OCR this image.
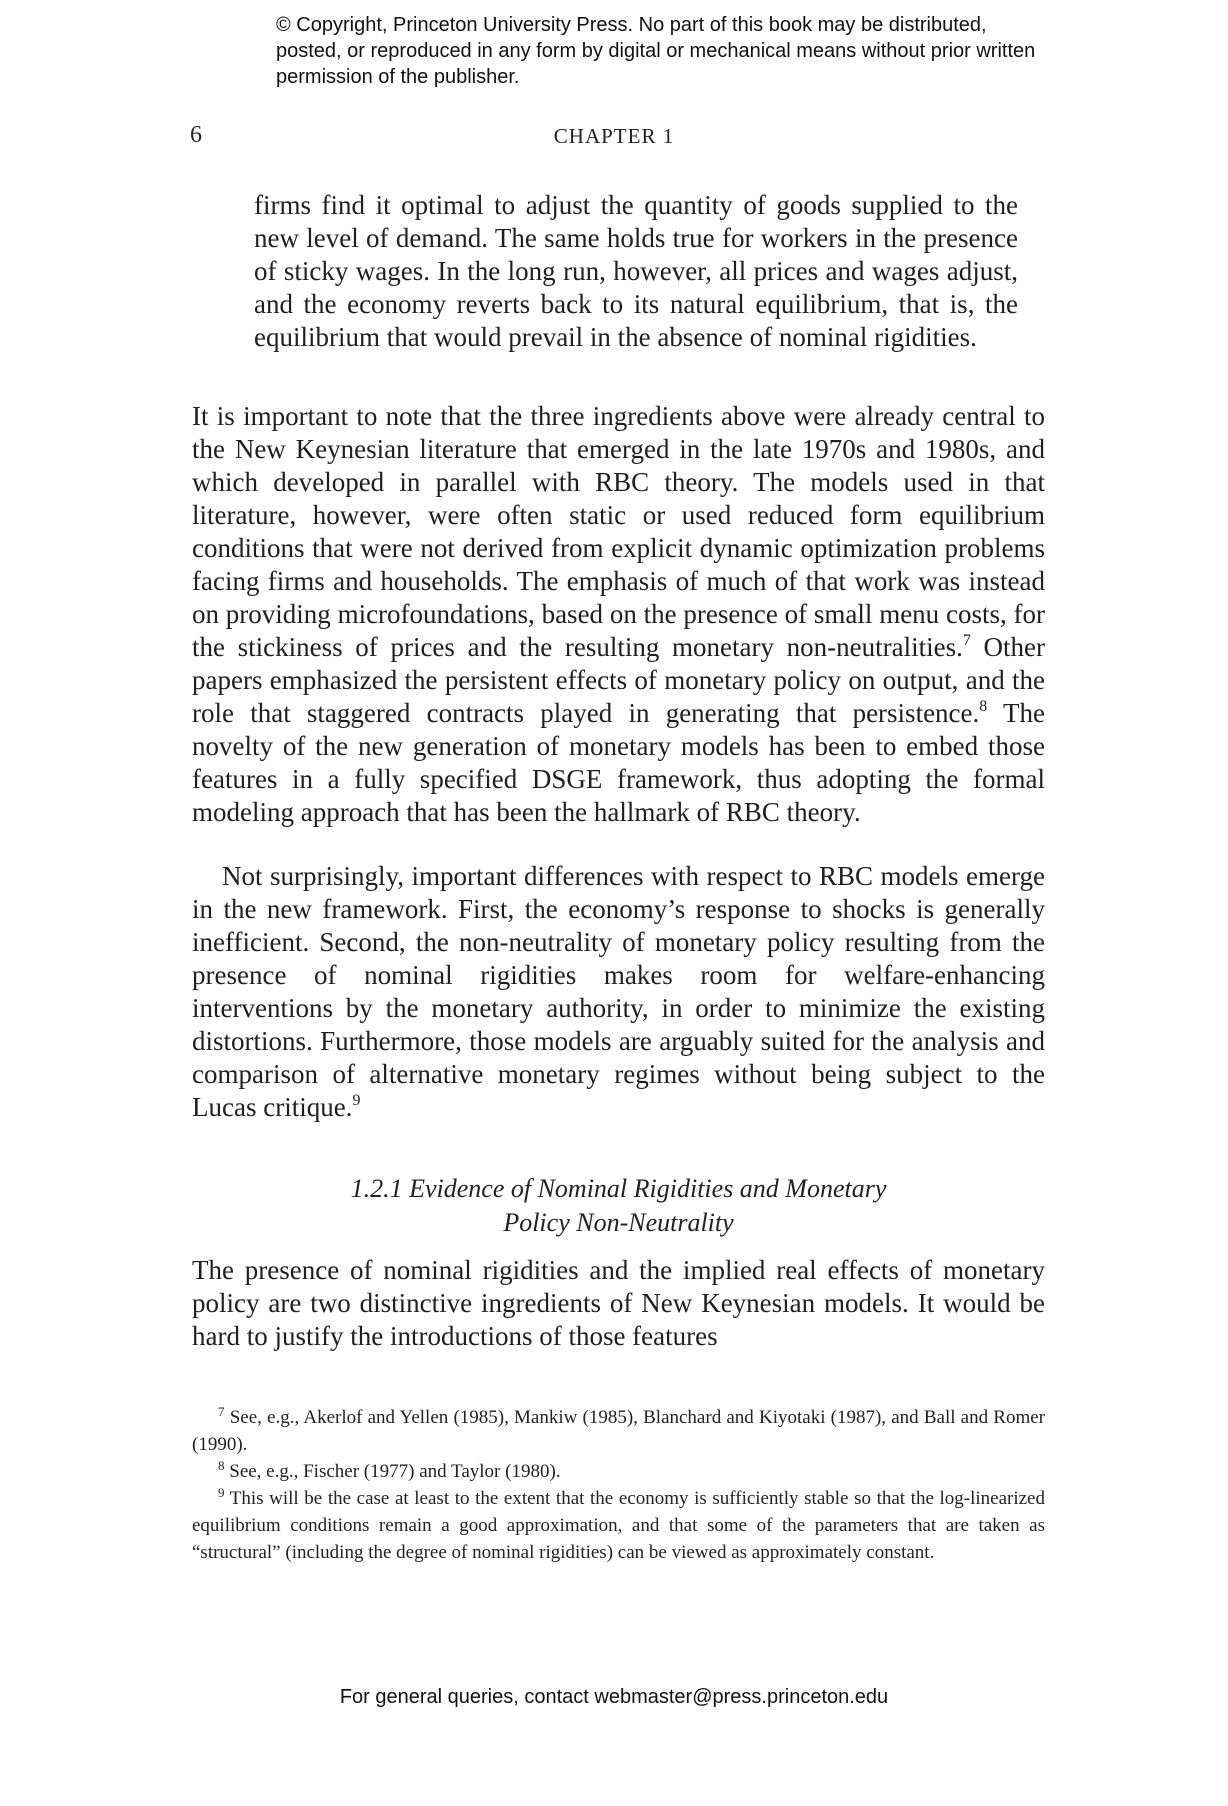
© Copyright, Princeton University Press. No part of this book may be distributed, posted, or reproduced in any form by digital or mechanical means without prior written permission of the publisher.
6	CHAPTER 1

firms find it optimal to adjust the quantity of goods supplied to the new level of demand. The same holds true for workers in the presence of sticky wages. In the long run, however, all prices and wages adjust, and the economy reverts back to its natural equilibrium, that is, the equilibrium that would prevail in the absence of nominal rigidities.

It is important to note that the three ingredients above were already central to the New Keynesian literature that emerged in the late 1970s and 1980s, and which developed in parallel with RBC theory. The models used in that literature, however, were often static or used reduced form equilibrium conditions that were not derived from explicit dynamic optimization problems facing firms and households. The emphasis of much of that work was instead on providing microfoundations, based on the presence of small menu costs, for the stickiness of prices and the resulting monetary non-neutralities.$^7$ Other papers emphasized the persistent effects of monetary policy on output, and the role that staggered contracts played in generating that persistence.$^8$ The novelty of the new generation of monetary models has been to embed those features in a fully specified DSGE framework, thus adopting the formal modeling approach that has been the hallmark of RBC theory.

Not surprisingly, important differences with respect to RBC models emerge in the new framework. First, the economy’s response to shocks is generally inefficient. Second, the non-neutrality of monetary policy resulting from the presence of nominal rigidities makes room for welfare-enhancing interventions by the monetary authority, in order to minimize the existing distortions. Furthermore, those models are arguably suited for the analysis and comparison of alternative monetary regimes without being subject to the Lucas critique.$^9$

1.2.1 Evidence of Nominal Rigidities and Monetary
Policy Non-Neutrality

The presence of nominal rigidities and the implied real effects of monetary policy are two distinctive ingredients of New Keynesian models. It would be hard to justify the introductions of those features

$^7$ See, e.g., Akerlof and Yellen (1985), Mankiw (1985), Blanchard and Kiyotaki (1987), and Ball and Romer (1990).

$^8$ See, e.g., Fischer (1977) and Taylor (1980).

$^9$ This will be the case at least to the extent that the economy is sufficiently stable so that the log-linearized equilibrium conditions remain a good approximation, and that some of the parameters that are taken as “structural” (including the degree of nominal rigidities) can be viewed as approximately constant.

For general queries, contact webmaster@press.princeton.edu
